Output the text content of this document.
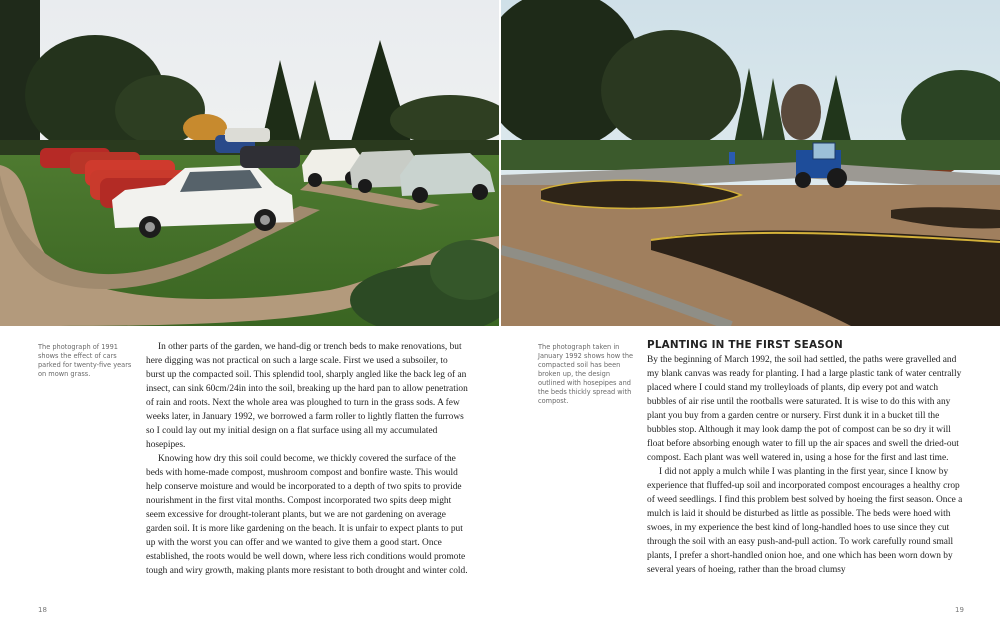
The photograph of 1991 shows the effect of cars parked for twenty-five years on mown grass.
The photograph taken in January 1992 shows how the compacted soil has been broken up, the design outlined with hosepipes and the beds thickly spread with compost.

In other parts of the garden, we hand-dig or trench beds to make renovations, but here digging was not practical on such a large scale. First we used a subsoiler, to burst up the compacted soil. This splendid tool, sharply angled like the back leg of an insect, can sink 60cm/24in into the soil, breaking up the hard pan to allow penetration of rain and roots. Next the whole area was ploughed to turn in the grass sods. A few weeks later, in January 1992, we borrowed a farm roller to lightly flatten the furrows so I could lay out my initial design on a flat surface using all my accumulated hosepipes.

Knowing how dry this soil could become, we thickly covered the surface of the beds with home-made compost, mushroom compost and bonfire waste. This would help conserve moisture and would be incorporated to a depth of two spits to provide nourishment in the first vital months. Compost incorporated two spits deep might seem excessive for drought-tolerant plants, but we are not gardening on average garden soil. It is more like gardening on the beach. It is unfair to expect plants to put up with the worst you can offer and we wanted to give them a good start. Once established, the roots would be well down, where less rich conditions would promote tough and wiry growth, making plants more resistant to both drought and winter cold.

PLANTING IN THE FIRST SEASON

By the beginning of March 1992, the soil had settled, the paths were gravelled and my blank canvas was ready for planting. I had a large plastic tank of water centrally placed where I could stand my trolleyloads of plants, dip every pot and watch bubbles of air rise until the rootballs were saturated. It is wise to do this with any plant you buy from a garden centre or nursery. First dunk it in a bucket till the bubbles stop. Although it may look damp the pot of compost can be so dry it will float before absorbing enough water to fill up the air spaces and swell the dried-out compost. Each plant was well watered in, using a hose for the first and last time.

I did not apply a mulch while I was planting in the first year, since I know by experience that fluffed-up soil and incorporated compost encourages a healthy crop of weed seedlings. I find this problem best solved by hoeing the first season. Once a mulch is laid it should be disturbed as little as possible. The beds were hoed with swoes, in my experience the best kind of long-handled hoes to use since they cut through the soil with an easy push-and-pull action. To work carefully round small plants, I prefer a short-handled onion hoe, and one which has been worn down by several years of hoeing, rather than the broad clumsy

18	19
